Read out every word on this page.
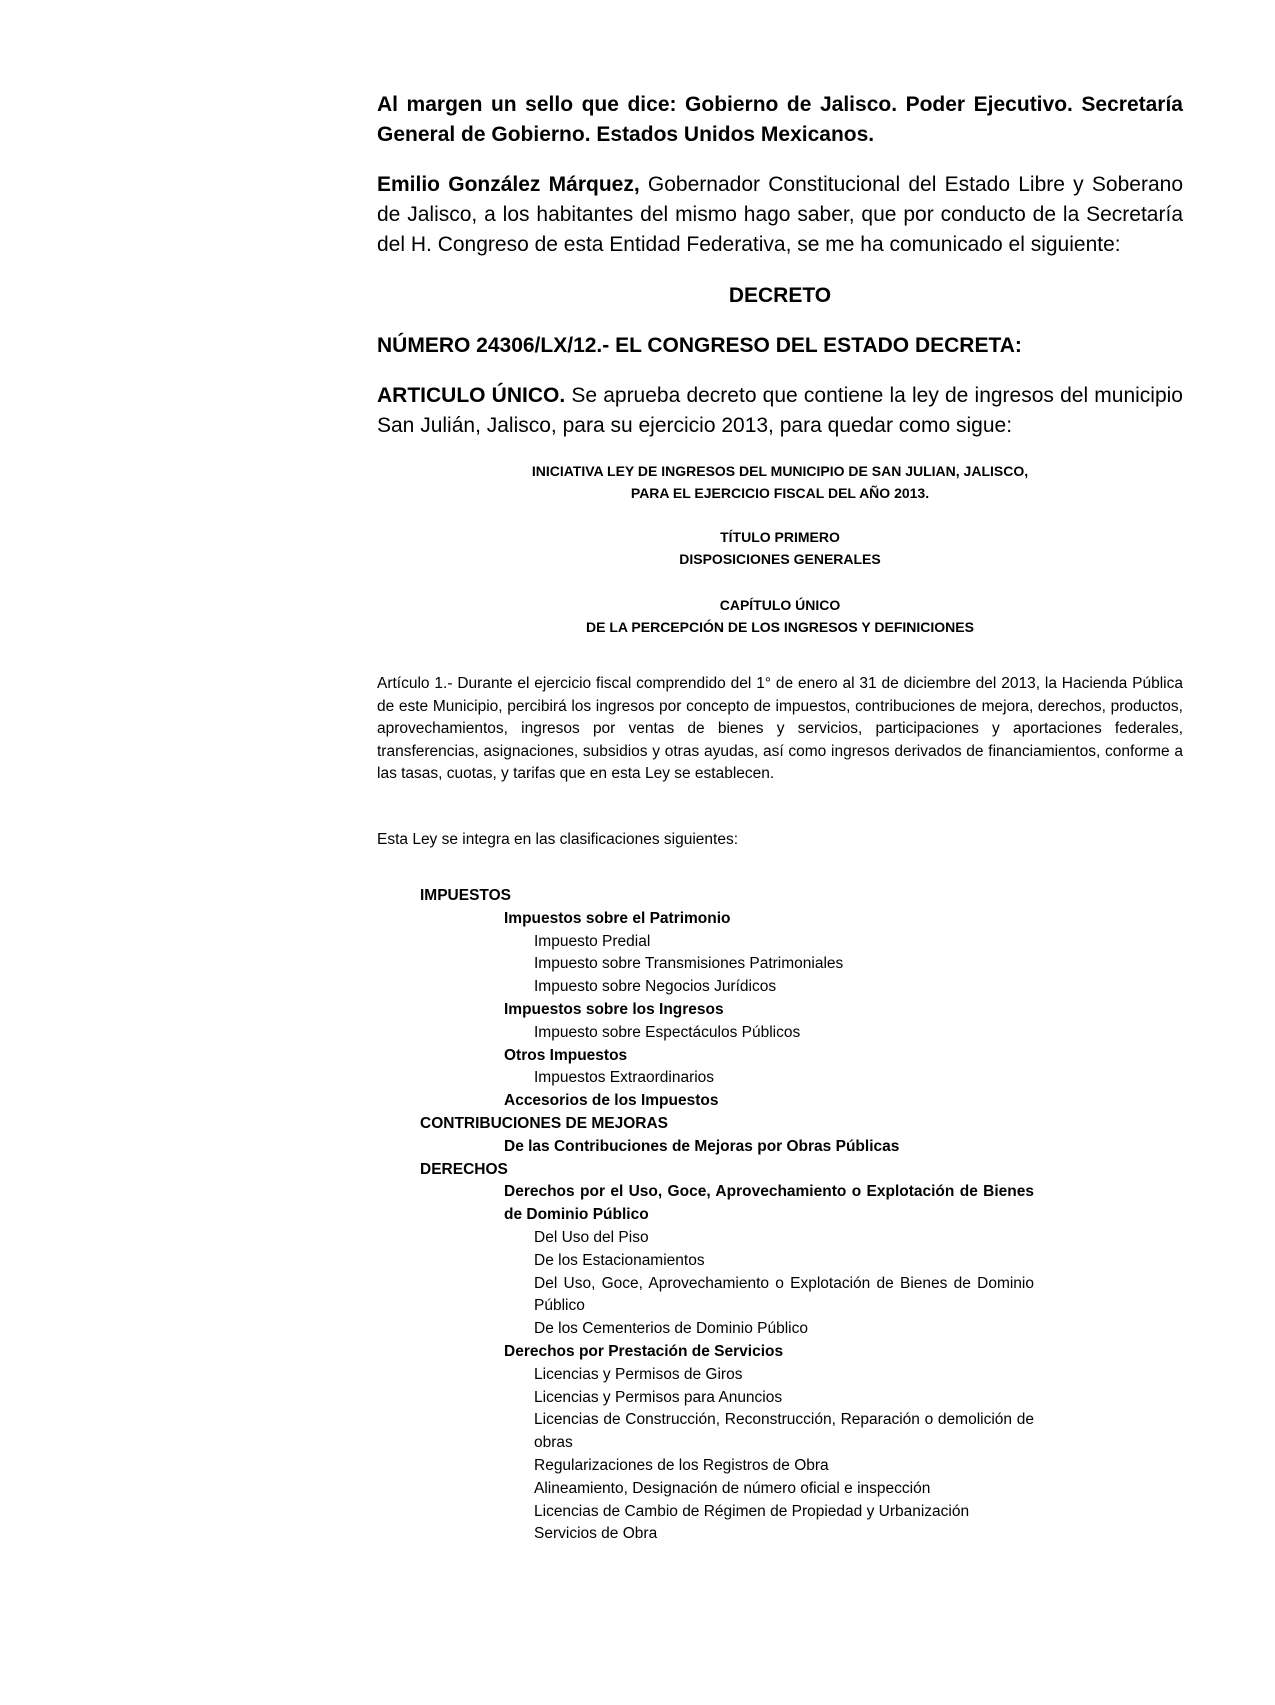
Al margen un sello que dice: Gobierno de Jalisco. Poder Ejecutivo. Secretaría General de Gobierno. Estados Unidos Mexicanos.

Emilio González Márquez, Gobernador Constitucional del Estado Libre y Soberano de Jalisco, a los habitantes del mismo hago saber, que por conducto de la Secretaría del H. Congreso de esta Entidad Federativa, se me ha comunicado el siguiente:

DECRETO

NÚMERO 24306/LX/12.- EL CONGRESO DEL ESTADO DECRETA:

ARTICULO ÚNICO. Se aprueba decreto que contiene la ley de ingresos del municipio San Julián, Jalisco, para su ejercicio 2013, para quedar como sigue:

INICIATIVA LEY DE INGRESOS DEL MUNICIPIO DE SAN JULIAN, JALISCO,

PARA EL EJERCICIO FISCAL DEL AÑO 2013.

TÍTULO PRIMERO

DISPOSICIONES GENERALES

CAPÍTULO ÚNICO

DE LA PERCEPCIÓN DE LOS INGRESOS Y DEFINICIONES

Artículo 1.- Durante el ejercicio fiscal comprendido del 1° de enero al 31 de diciembre del 2013, la Hacienda Pública de este Municipio, percibirá los ingresos por concepto de impuestos, contribuciones de mejora, derechos, productos, aprovechamientos, ingresos por ventas de bienes y servicios, participaciones y aportaciones federales, transferencias, asignaciones, subsidios y otras ayudas, así como ingresos derivados de financiamientos, conforme a las tasas, cuotas, y tarifas que en esta Ley se establecen.

Esta Ley se integra en las clasificaciones siguientes:

IMPUESTOS
Impuestos sobre el Patrimonio
Impuesto Predial
Impuesto sobre Transmisiones Patrimoniales
Impuesto sobre Negocios Jurídicos
Impuestos sobre los Ingresos
Impuesto sobre Espectáculos Públicos
Otros Impuestos
Impuestos Extraordinarios
Accesorios de los Impuestos
CONTRIBUCIONES DE MEJORAS
De las Contribuciones de Mejoras por Obras Públicas
DERECHOS
Derechos por el Uso, Goce, Aprovechamiento o Explotación de Bienes de Dominio Público
Del Uso del Piso
De los Estacionamientos
Del Uso, Goce, Aprovechamiento o Explotación de Bienes de Dominio Público
De los Cementerios de Dominio Público
Derechos por Prestación de Servicios
Licencias y Permisos de Giros
Licencias y Permisos para Anuncios
Licencias de Construcción, Reconstrucción, Reparación o demolición de obras
Regularizaciones de los Registros de Obra
Alineamiento, Designación de número oficial e inspección
Licencias de Cambio de Régimen de Propiedad y Urbanización
Servicios de Obra
